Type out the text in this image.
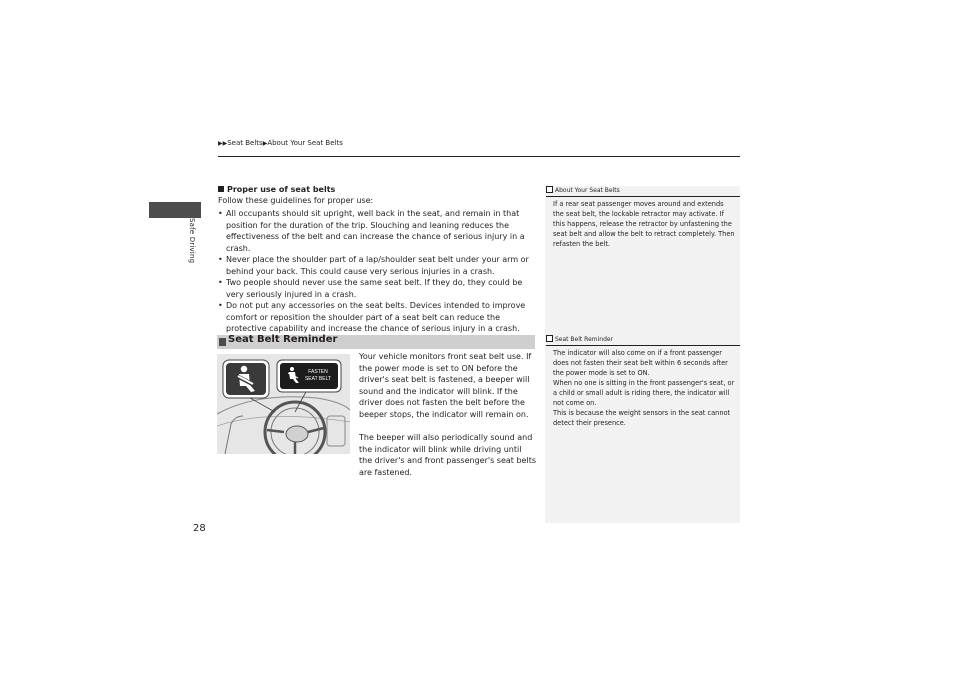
▶▶Seat Belts▶About Your Seat Belts
Safe Driving
Proper use of seat belts
Follow these guidelines for proper use:
• All occupants should sit upright, well back in the seat, and remain in that position for the duration of the trip. Slouching and leaning reduces the effectiveness of the belt and can increase the chance of serious injury in a crash.
• Never place the shoulder part of a lap/shoulder seat belt under your arm or behind your back. This could cause very serious injuries in a crash.
• Two people should never use the same seat belt. If they do, they could be very seriously injured in a crash.
• Do not put any accessories on the seat belts. Devices intended to improve comfort or reposition the shoulder part of a seat belt can reduce the protective capability and increase the chance of serious injury in a crash.
Seat Belt Reminder
FASTEN
SEAT BELT

Your vehicle monitors front seat belt use. If the power mode is set to ON before the driver's seat belt is fastened, a beeper will sound and the indicator will blink. If the driver does not fasten the belt before the beeper stops, the indicator will remain on.

The beeper will also periodically sound and the indicator will blink while driving until the driver's and front passenger's seat belts are fastened.

About Your Seat Belts

If a rear seat passenger moves around and extends the seat belt, the lockable retractor may activate. If this happens, release the retractor by unfastening the seat belt and allow the belt to retract completely. Then refasten the belt.

Seat Belt Reminder

The indicator will also come on if a front passenger does not fasten their seat belt within 6 seconds after the power mode is set to ON.

When no one is sitting in the front passenger's seat, or a child or small adult is riding there, the indicator will not come on.

This is because the weight sensors in the seat cannot detect their presence.

28
